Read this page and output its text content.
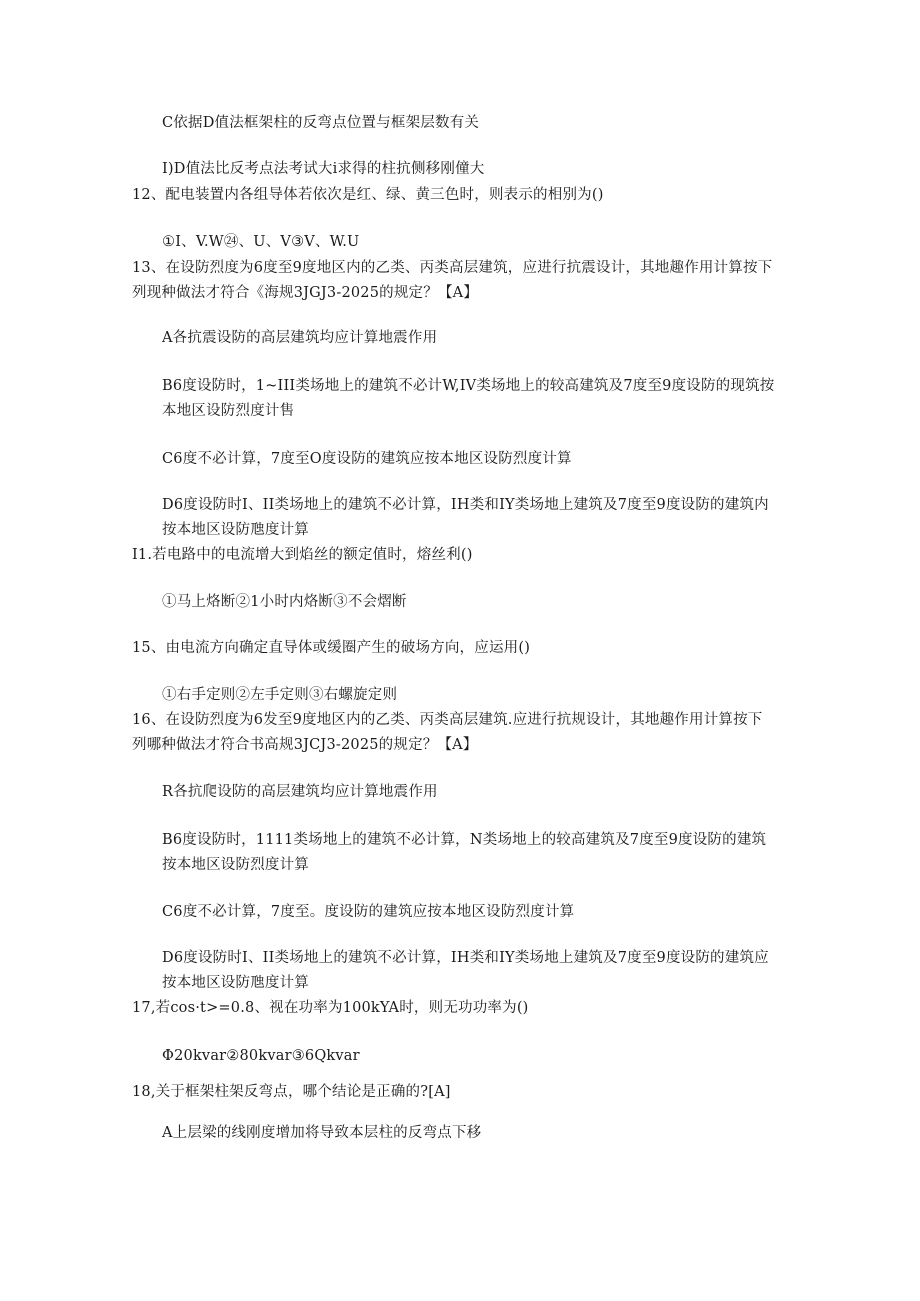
C依据D值法框架柱的反弯点位置与框架层数有关
I)D值法比反考点法考试大i求得的柱抗侧移刚僮大
12、配电装置内各组导体若依次是红、绿、黄三色时，则表示的相别为()
①I、V.W㉔、U、V③V、W.U
13、在设防烈度为6度至9度地区内的乙类、丙类高层建筑，应进行抗震设计，其地趣作用计算按下
列现种做法才符合《海规3JGJ3-2025的规定？【A】
A各抗震设防的高层建筑均应计算地震作用
B6度设防时，1~III类场地上的建筑不必计W,IV类场地上的较高建筑及7度至9度设防的现筑按
本地区设防烈度计售
C6度不必计算，7度至O度设防的建筑应按本地区设防烈度计算
D6度设防时I、II类场地上的建筑不必计算，IH类和IY类场地上建筑及7度至9度设防的建筑内
按本地区设防虺度计算
I1.若电路中的电流增大到焰丝的额定值时，熔丝利()
①马上烙断②1小时内烙断③不会熠断
15、由电流方向确定直导体或缓圈产生的破场方向，应运用()
①右手定则②左手定则③右螺旋定则
16、在设防烈度为6发至9度地区内的乙类、丙类高层建筑.应进行抗规设计，其地趣作用计算按下
列哪种做法才符合书高规3JCJ3-2025的规定？【A】
R各抗爬设防的高层建筑均应计算地震作用
B6度设防时，1111类场地上的建筑不必计算，N类场地上的较高建筑及7度至9度设防的建筑
按本地区设防烈度计算
C6度不必计算，7度至。度设防的建筑应按本地区设防烈度计算
D6度设防时I、II类场地上的建筑不必计算，IH类和IY类场地上建筑及7度至9度设防的建筑应
按本地区设防虺度计算
17,若cos·t>=0.8、视在功率为100kYA时，则无功功率为()
Φ20kvar②80kvar③6Qkvar
18,关于框架柱架反弯点，哪个结论是正确的?[A]
A上层梁的线刚度增加将导致本层柱的反弯点下移
